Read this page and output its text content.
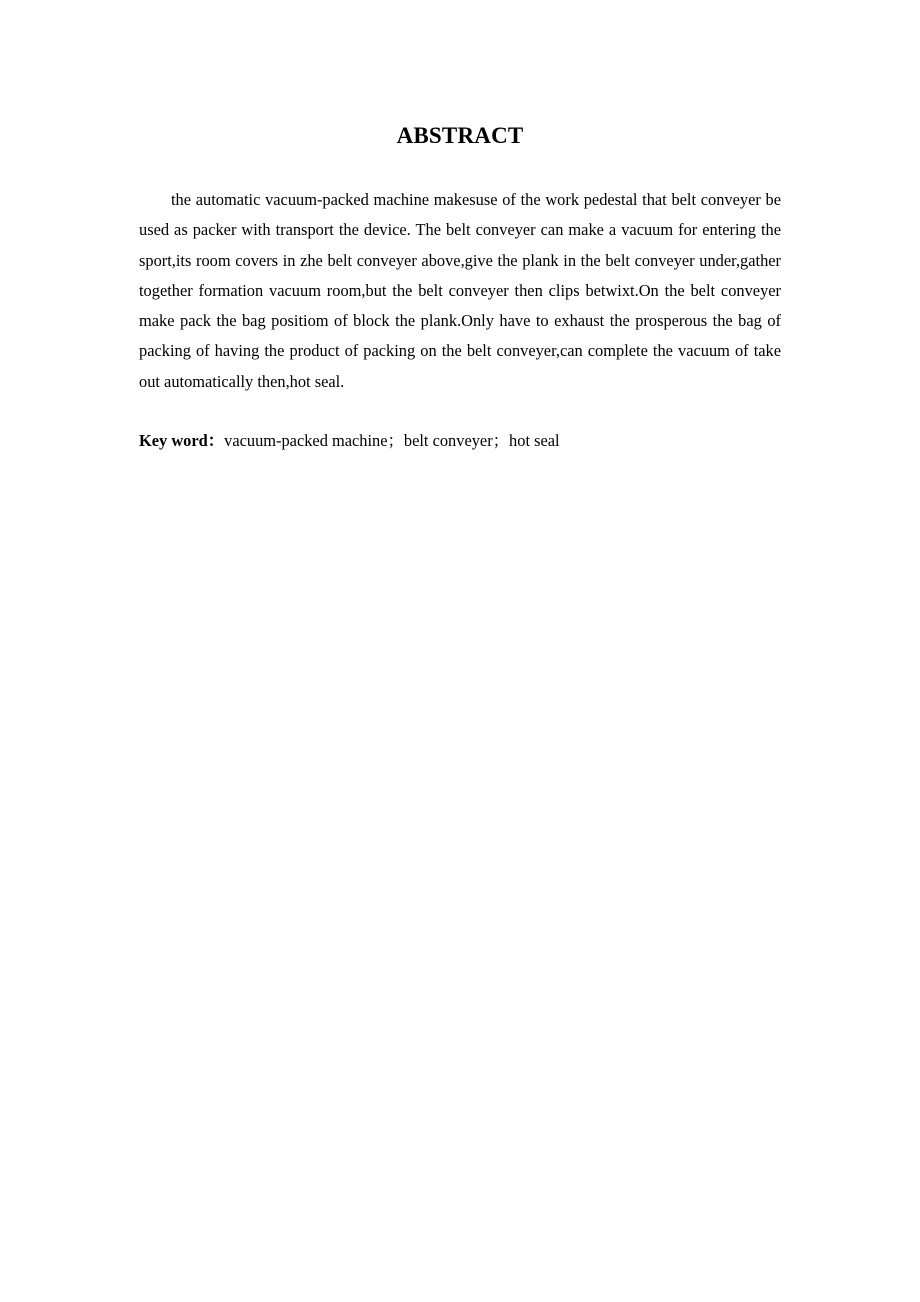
ABSTRACT

the automatic vacuum-packed machine makesuse of the work pedestal that belt conveyer be used as packer with transport the device. The belt conveyer can make a vacuum for entering the sport,its room covers in zhe belt conveyer above,give the plank in the belt conveyer under,gather together formation vacuum room,but the belt conveyer then clips betwixt.On the belt conveyer make pack the bag positiom of block the plank.Only have to exhaust the prosperous the bag of packing of having the product of packing on the belt conveyer,can complete the vacuum of take out automatically then,hot seal.

Key word：vacuum-packed machine；belt conveyer；hot seal
